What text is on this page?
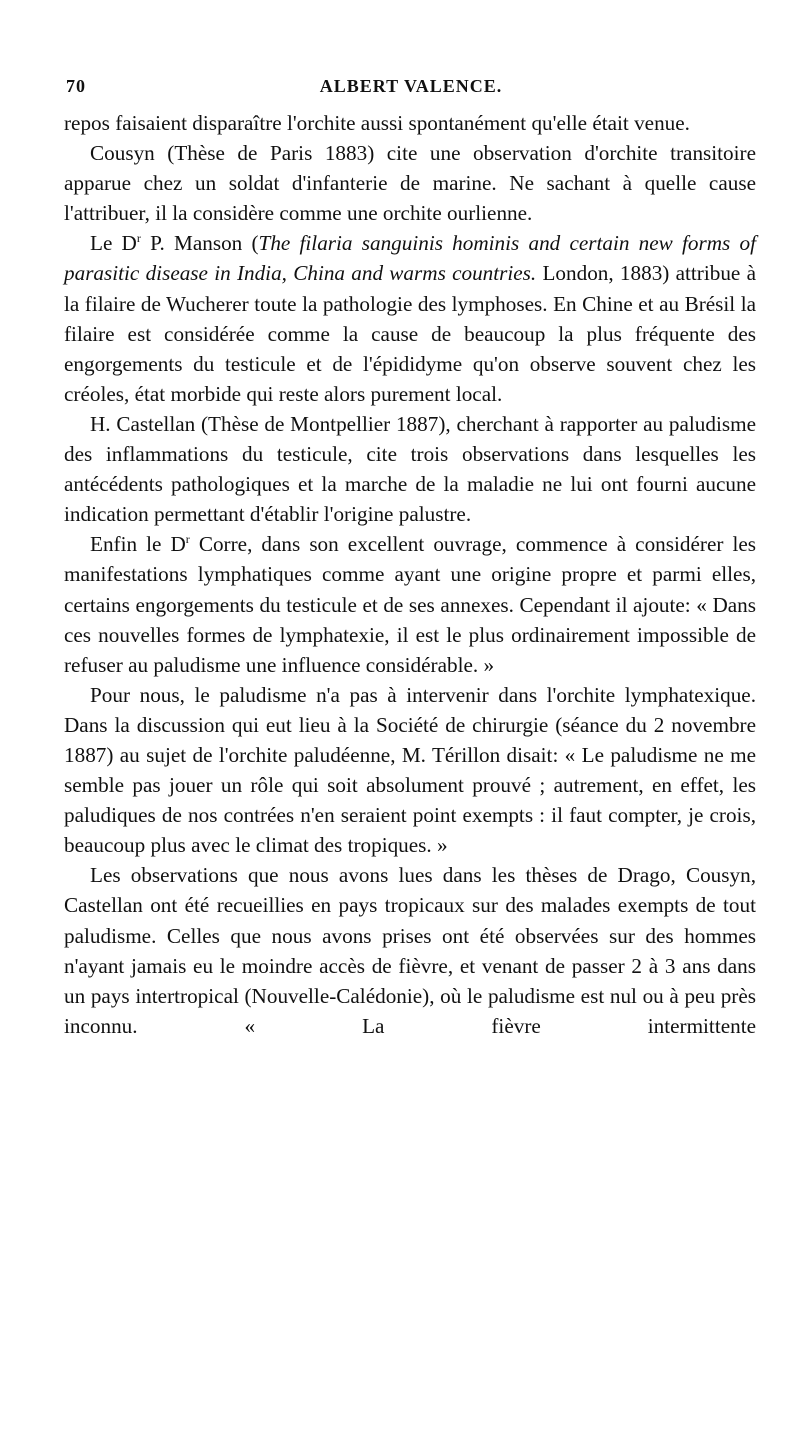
70	ALBERT VALENCE.

repos faisaient disparaître l'orchite aussi spontanément qu'elle était venue.

Cousyn (Thèse de Paris 1883) cite une observation d'orchite transitoire apparue chez un soldat d'infanterie de marine. Ne sachant à quelle cause l'attribuer, il la considère comme une orchite ourlienne.

Le $D^r$ P. Manson (The filaria sanguinis hominis and certain new forms of parasitic disease in India, China and warms countries. London, 1883) attribue à la filaire de Wucherer toute la pathologie des lymphoses. En Chine et au Brésil la filaire est considérée comme la cause de beaucoup la plus fréquente des engorgements du testicule et de l'épididyme qu'on observe souvent chez les créoles, état morbide qui reste alors purement local.

H. Castellan (Thèse de Montpellier 1887), cherchant à rapporter au paludisme des inflammations du testicule, cite trois observations dans lesquelles les antécédents pathologiques et la marche de la maladie ne lui ont fourni aucune indication permettant d'établir l'origine palustre.

Enfin le $D^r$ Corre, dans son excellent ouvrage, commence à considérer les manifestations lymphatiques comme ayant une origine propre et parmi elles, certains engorgements du testicule et de ses annexes. Cependant il ajoute: « Dans ces nouvelles formes de lymphatexie, il est le plus ordinairement impossible de refuser au paludisme une influence considérable. »

Pour nous, le paludisme n'a pas à intervenir dans l'orchite lymphatexique. Dans la discussion qui eut lieu à la Société de chirurgie (séance du 2 novembre 1887) au sujet de l'orchite paludéenne, M. Térillon disait: « Le paludisme ne me semble pas jouer un rôle qui soit absolument prouvé ; autrement, en effet, les paludiques de nos contrées n'en seraient point exempts : il faut compter, je crois, beaucoup plus avec le climat des tropiques. »

Les observations que nous avons lues dans les thèses de Drago, Cousyn, Castellan ont été recueillies en pays tropicaux sur des malades exempts de tout paludisme. Celles que nous avons prises ont été observées sur des hommes n'ayant jamais eu le moindre accès de fièvre, et venant de passer 2 à 3 ans dans un pays intertropical (Nouvelle-Calédonie), où le paludisme est nul ou à peu près inconnu. « La fièvre intermittente
